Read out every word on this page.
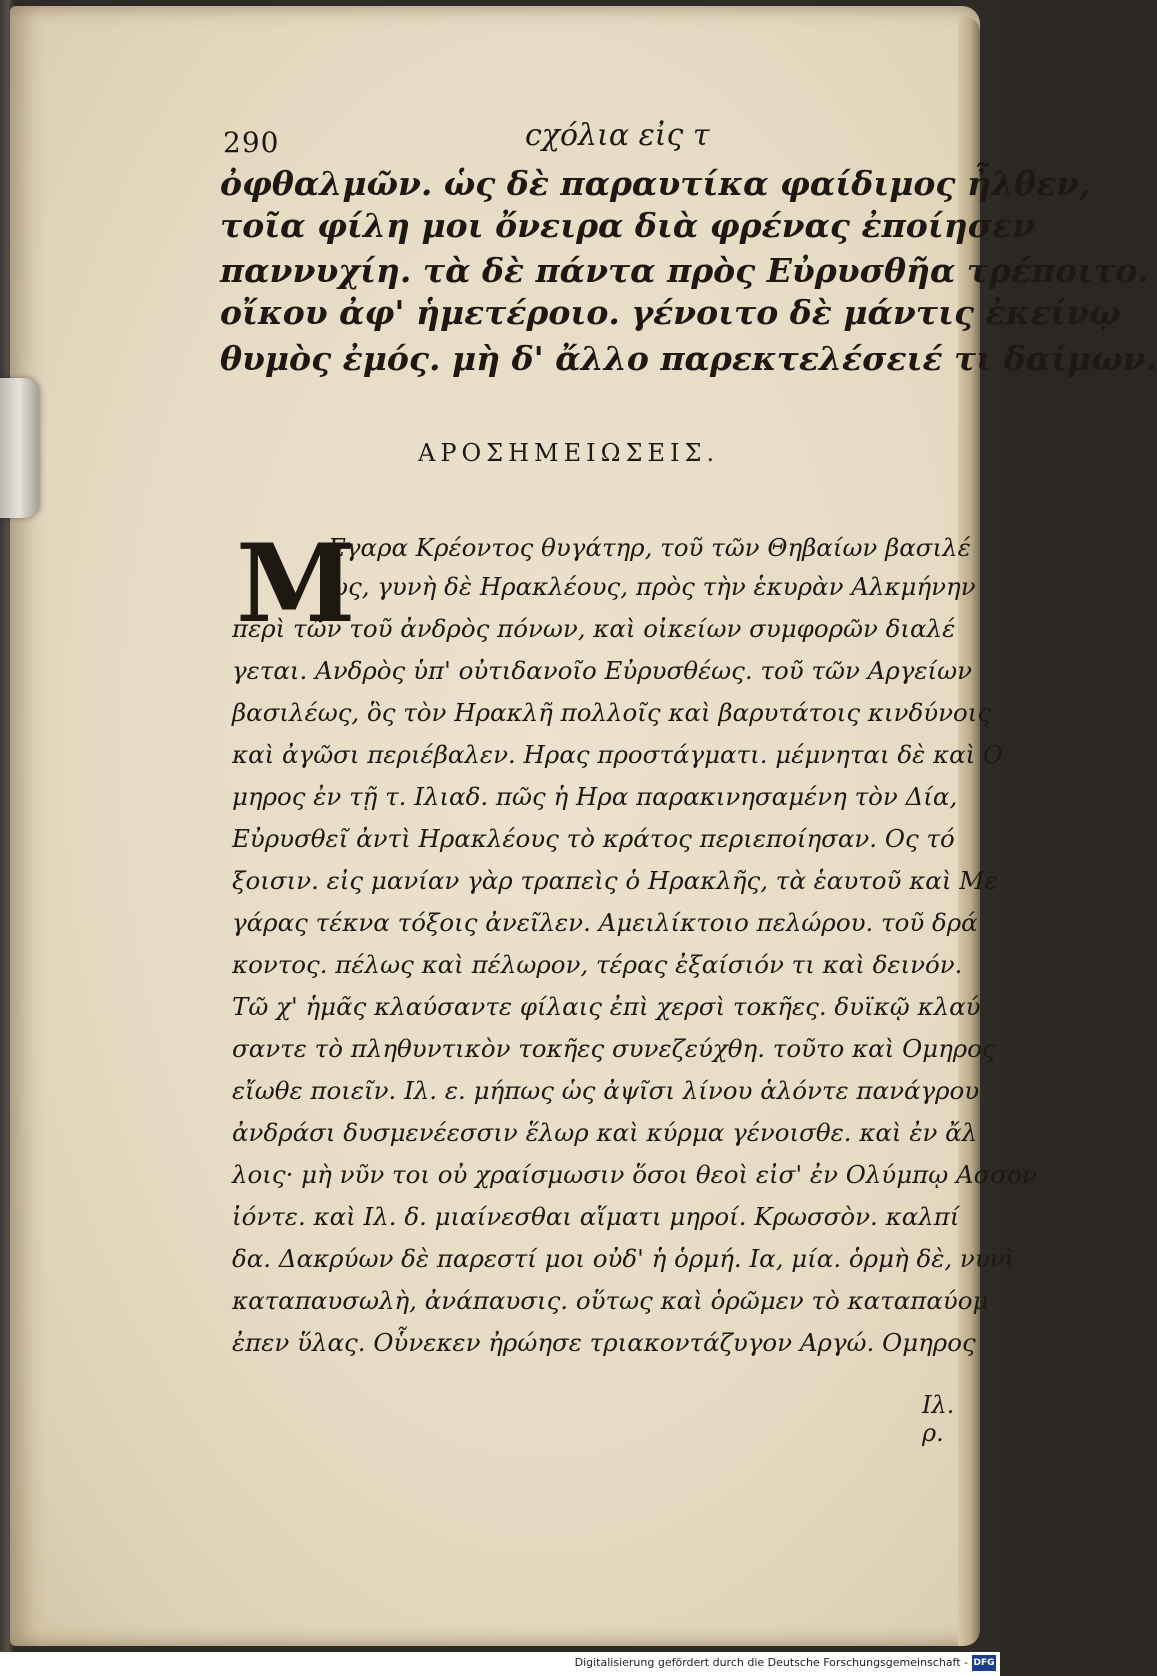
290	ϲχόλια εἰς τ

ὀφθαλμῶν. ὡς δὲ παραυτίκα φαίδιμος ἦλθεν,

τοῖα φίλη μοι ὄνειρα διὰ φρένας ἐποίησεν

παννυχίη. τὰ δὲ πάντα πρὸς Εὐρυσθῆα τρέποιτο.

οἴκου ἀφ' ἡμετέροιο. γένοιτο δὲ μάντις ἐκείνῳ

θυμὸς ἐμός. μὴ δ' ἄλλο παρεκτελέσειέ τι δαίμων.

ΑΡΟΣΗΜΕΙΩΣΕΙΣ.
M

Εγαρα Κρέοντος θυγάτηρ, τοῦ τῶν Θηβαίων βασιλέ

ως, γυνὴ δὲ Ηρακλέους, πρὸς τὴν ἑκυρὰν Αλκμήνην

περὶ τῶν τοῦ ἀνδρὸς πόνων, καὶ οἰκείων συμφορῶν διαλέ

γεται. Ανδρὸς ὑπ' οὐτιδανοῖο Εὐρυσθέως. τοῦ τῶν Αργείων

βασιλέως, ὃς τὸν Ηρακλῆ πολλοῖς καὶ βαρυτάτοις κινδύνοις

καὶ ἀγῶσι περιέβαλεν. Ηρας προστάγματι. μέμνηται δὲ καὶ Ο

μηρος ἐν τῇ τ. Ιλιαδ. πῶς ἡ Ηρα παρακινησαμένη τὸν Δία,

Εὐρυσθεῖ ἀντὶ Ηρακλέους τὸ κράτος περιεποίησαν. Ος τό

ξοισιν. εἰς μανίαν γὰρ τραπεὶς ὁ Ηρακλῆς, τὰ ἑαυτοῦ καὶ Με

γάρας τέκνα τόξοις ἀνεῖλεν. Αμειλίκτοιο πελώρου. τοῦ δρά

κοντος. πέλως καὶ πέλωρον, τέρας ἐξαίσιόν τι καὶ δεινόν.

Τῶ χ' ἡμᾶς κλαύσαντε φίλαις ἐπὶ χερσὶ τοκῆες. δυϊκῷ κλαύ

σαντε τὸ πληθυντικὸν τοκῆες συνεζεύχθη. τοῦτο καὶ Ομηρος

εἴωθε ποιεῖν. Ιλ. ε. μήπως ὡς ἀψῖσι λίνου ἁλόντε πανάγρου

ἀνδράσι δυσμενέεσσιν ἕλωρ καὶ κύρμα γένοισθε. καὶ ἐν ἄλ

λοις· μὴ νῦν τοι οὐ χραίσμωσιν ὅσοι θεοὶ εἰσ' ἐν Ολύμπῳ Ασσον

ἰόντε. καὶ Ιλ. δ. μιαίνεσθαι αἵματι μηροί. Κρωσσὸν. καλπί

δα. Δακρύων δὲ παρεστί μοι οὐδ' ἡ ὁρμή. Ια, μία. ὁρμὴ δὲ, νυνὶ

καταπαυσωλὴ, ἀνάπαυσις. οὕτως καὶ ὁρῶμεν τὸ καταπαύομ

ἐπεν ὕλας. Οὗνεκεν ἠρώησε τριακοντάζυγον Αργώ. Ομηρος

Ιλ. ρ.
Digitalisierung gefördert durch die Deutsche Forschungsgemeinschaft - DFG
